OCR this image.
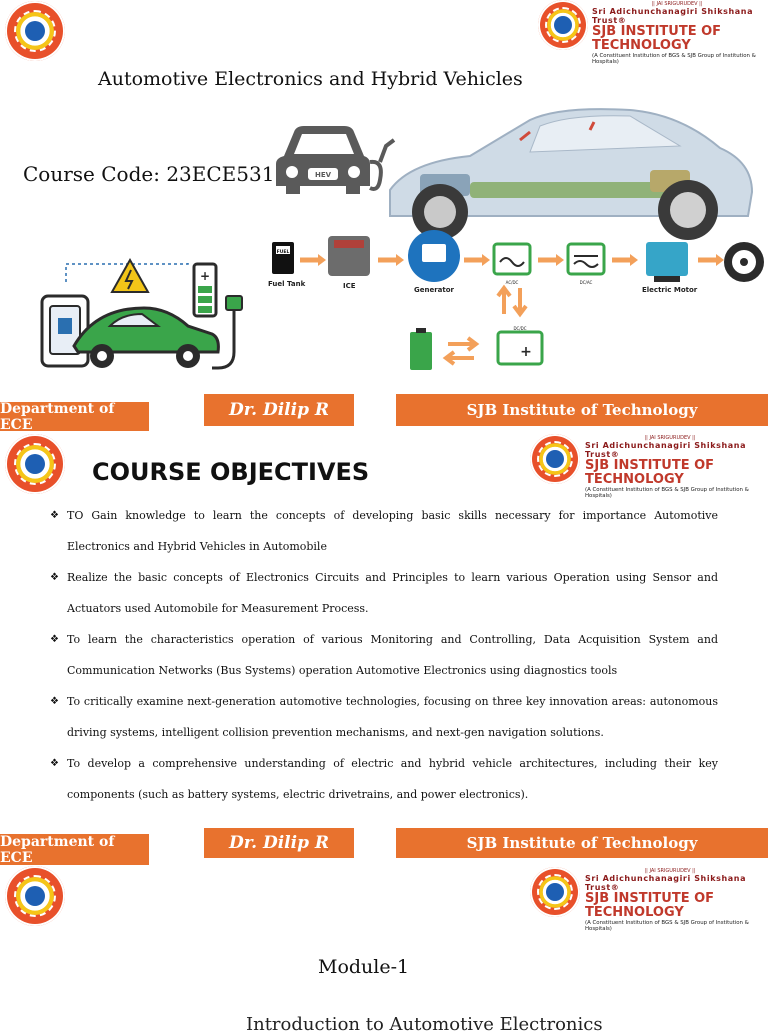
|| JAI SRIGURUDEV ||
Sri Adichunchanagiri Shikshana Trust®
SJB INSTITUTE OF TECHNOLOGY
(A Constituent Institution of BGS & SJB Group of Institution & Hospitals)
Automotive Electronics and Hybrid Vehicles
Course Code: 23ECE531	HEV
+
FUEL
Fuel Tank	ICE	Generator
AC/DC	DC/AC
Electric Motor
DC/DC
+
Department of ECE
Dr. Dilip R	SJB Institute of Technology
|| JAI SRIGURUDEV ||
Sri Adichunchanagiri Shikshana Trust®
SJB INSTITUTE OF TECHNOLOGY
(A Constituent Institution of BGS & SJB Group of Institution & Hospitals)
COURSE OBJECTIVES
❖ TO Gain knowledge to learn the concepts of developing basic skills necessary for importance Automotive Electronics and Hybrid Vehicles in Automobile
❖ Realize the basic concepts of Electronics Circuits and Principles to learn various Operation using Sensor and Actuators used Automobile for Measurement Process.
❖ To learn the characteristics operation of various Monitoring and Controlling, Data Acquisition System and Communication Networks (Bus Systems) operation Automotive Electronics using diagnostics tools
❖ To critically examine next-generation automotive technologies, focusing on three key innovation areas: autonomous driving systems, intelligent collision prevention mechanisms, and next-gen navigation solutions.
❖ To develop a comprehensive understanding of electric and hybrid vehicle architectures, including their key components (such as battery systems, electric drivetrains, and power electronics).
Department of ECE
Dr. Dilip R	SJB Institute of Technology
|| JAI SRIGURUDEV ||
Sri Adichunchanagiri Shikshana Trust®
SJB INSTITUTE OF TECHNOLOGY
(A Constituent Institution of BGS & SJB Group of Institution & Hospitals)
Module-1
Introduction to Automotive Electronics
